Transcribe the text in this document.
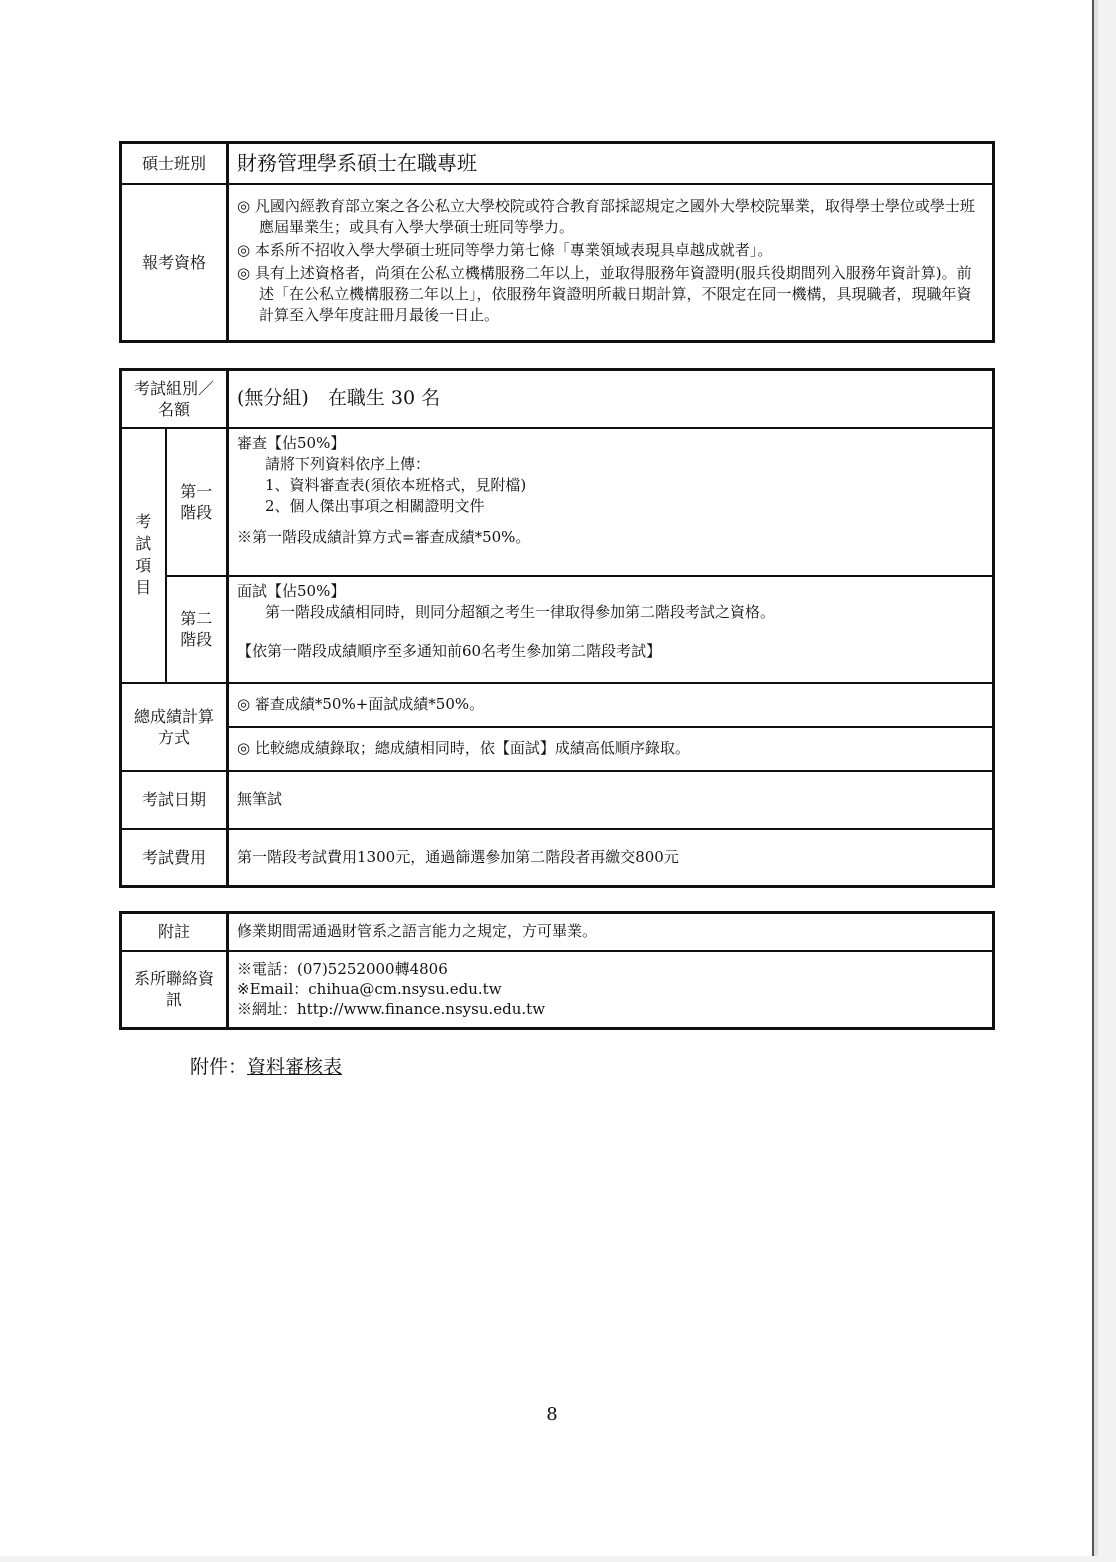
碩士班別	財務管理學系碩士在職專班
報考資格	◎ 凡國內經教育部立案之各公私立大學校院或符合教育部採認規定之國外大學校院畢業，取得學士學位或學士班應屆畢業生；或具有入學大學碩士班同等學力。

◎ 本系所不招收入學大學碩士班同等學力第七條「專業領域表現具卓越成就者」。

◎ 具有上述資格者，尚須在公私立機構服務二年以上，並取得服務年資證明(服兵役期間列入服務年資計算)。前述「在公私立機構服務二年以上」，依服務年資證明所載日期計算，不限定在同一機構，具現職者，現職年資計算至入學年度註冊月最後一日止。

考試組別／名額		(無分組)　在職生 30 名
考試項目	第一階段	審查【佔50%】

請將下列資料依序上傳：

1、資料審查表(須依本班格式，見附檔)

2、個人傑出事項之相關證明文件

※第一階段成績計算方式=審查成績*50%。

	第二階段	面試【佔50%】

第一階段成績相同時，則同分超額之考生一律取得參加第二階段考試之資格。

【依第一階段成績順序至多通知前60名考生參加第二階段考試】

總成績計算方式		◎ 審查成績*50%+面試成績*50%。
		◎ 比較總成績錄取；總成績相同時，依【面試】成績高低順序錄取。
考試日期		無筆試
考試費用		第一階段考試費用1300元，通過篩選參加第二階段者再繳交800元
附註	修業期間需通過財管系之語言能力之規定，方可畢業。
系所聯絡資訊	※電話：(07)5252000轉4806

※Email：chihua@cm.nsysu.edu.tw

※網址：http://www.finance.nsysu.edu.tw

附件：資料審核表
8
